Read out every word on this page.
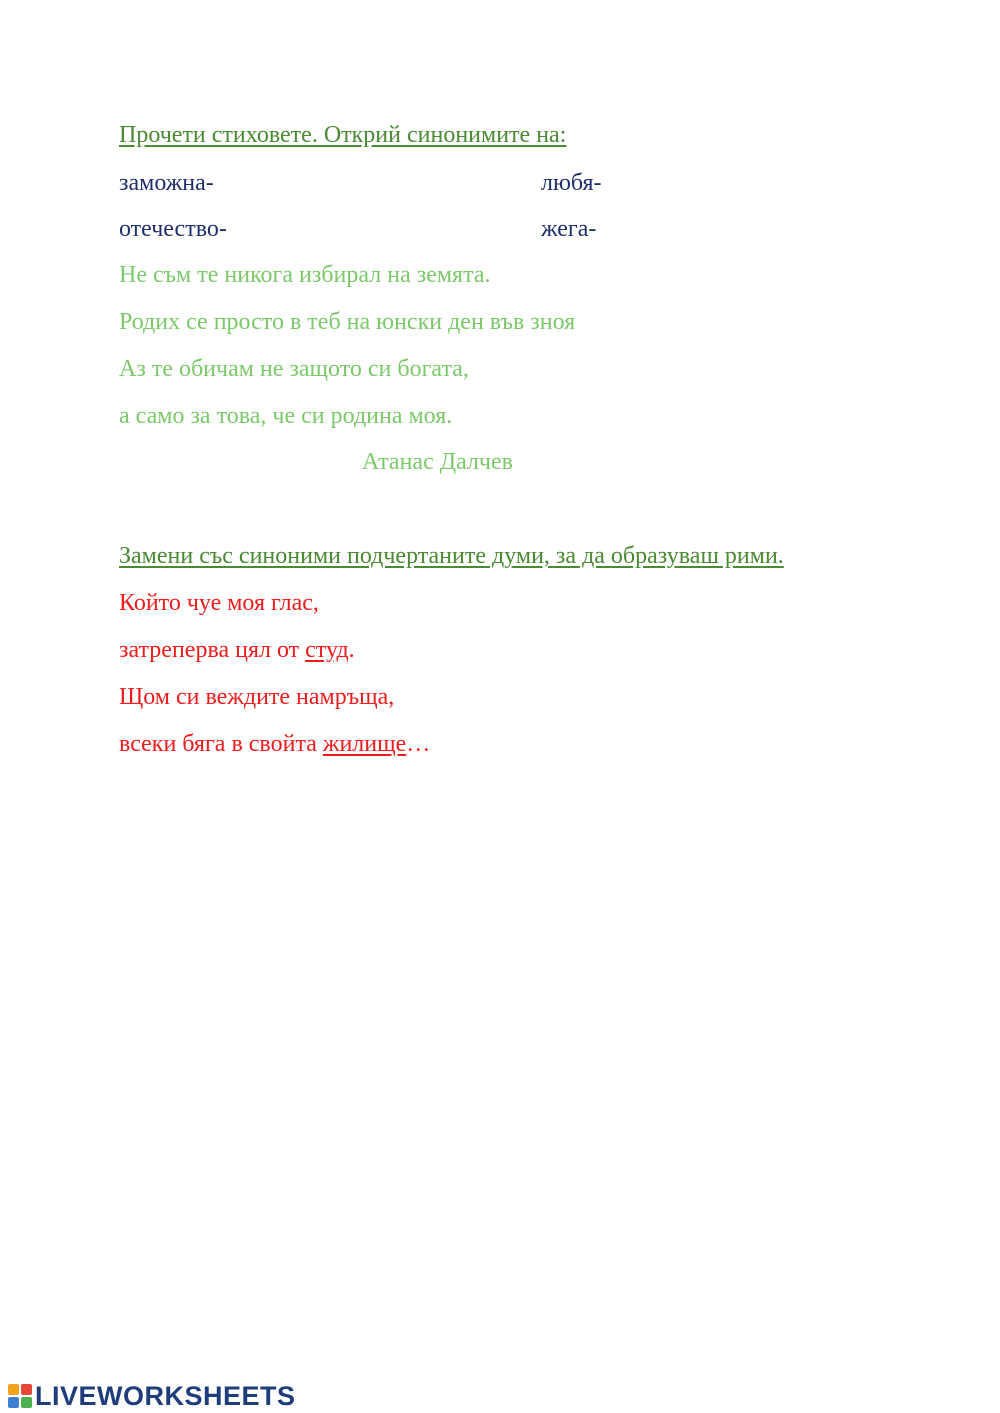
Прочети стиховете. Открий синонимите на:
заможна-	любя-
отечество-	жега-
Не съм те никога избирал на земята.
Родих се просто в теб на юнски ден във зноя
Аз те обичам не защото си богата,
а само за това, че си родина моя.
Атанас Далчев
Замени със синоними подчертаните думи, за да образуваш рими.
Който чуе моя глас,
затреперва цял от студ.
Щом си веждите намръща,
всеки бяга в свойта жилище…
LIVEWORKSHEETS
